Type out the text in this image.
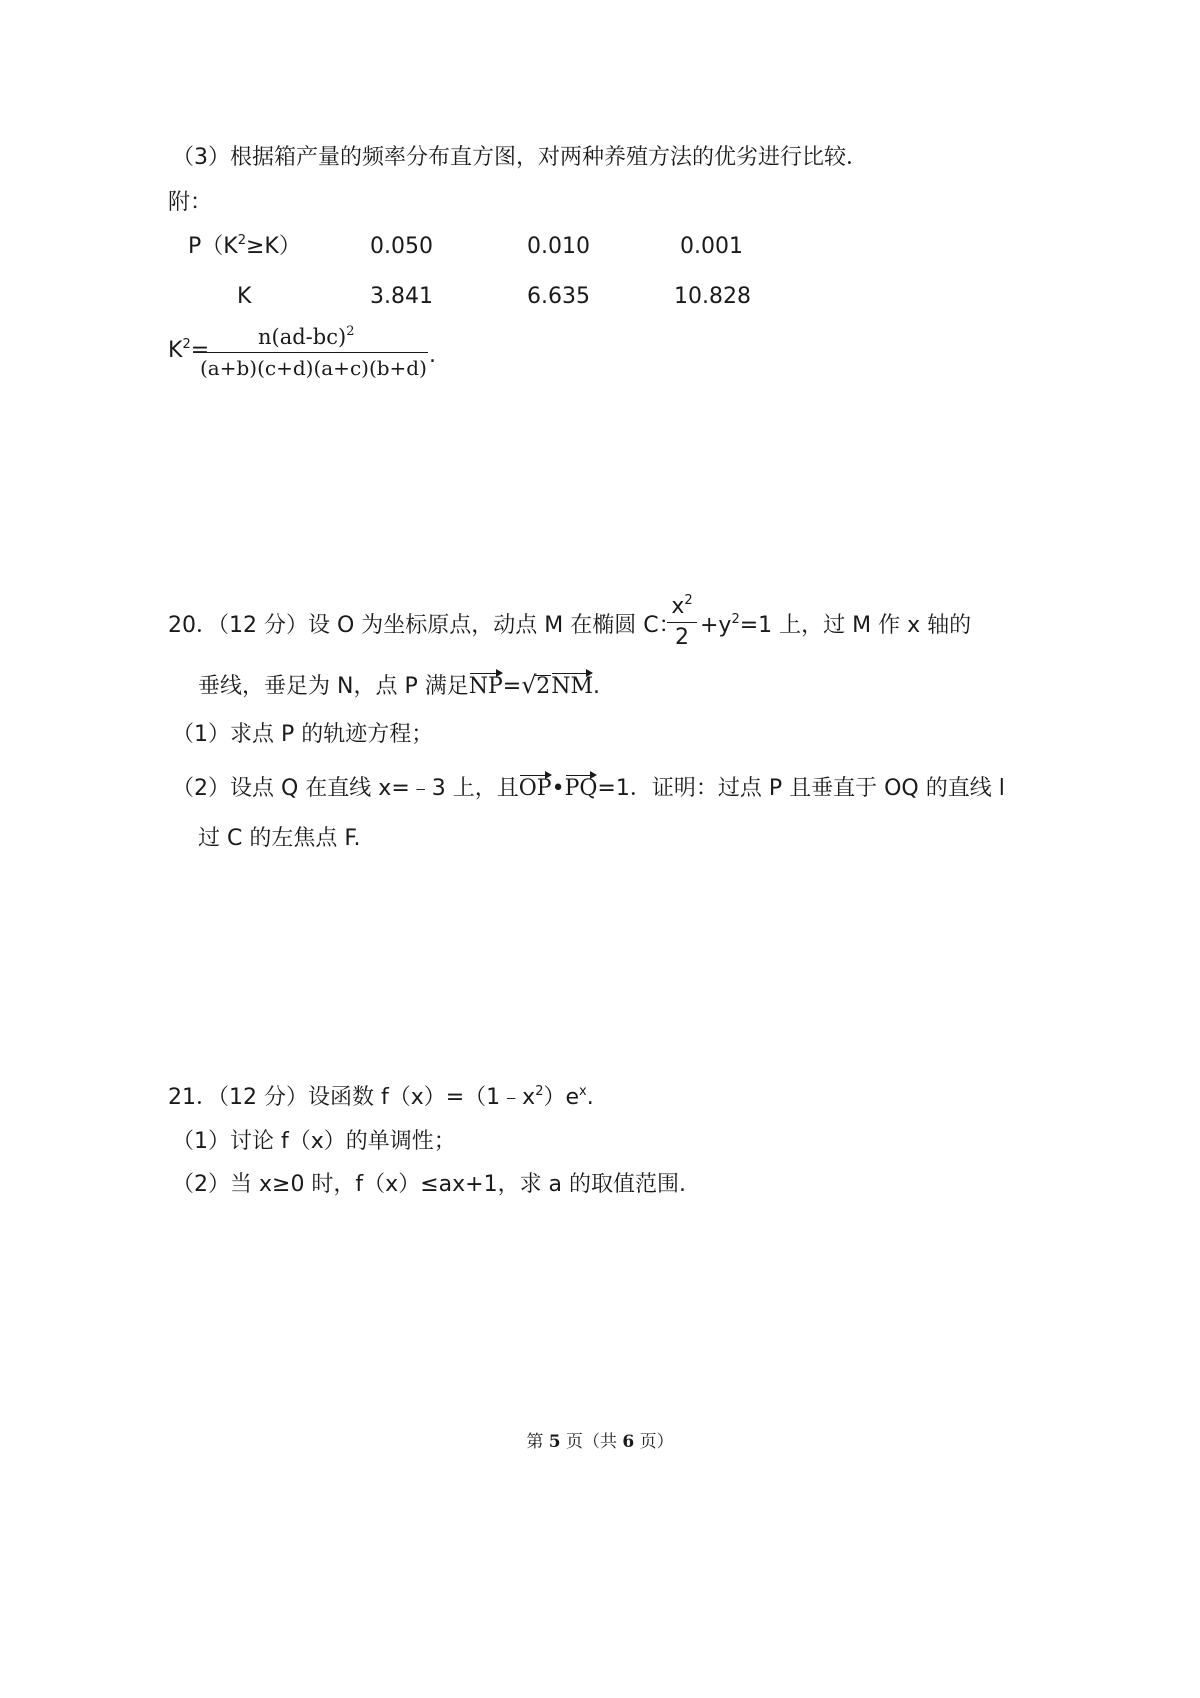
（3）根据箱产量的频率分布直方图，对两种养殖方法的优劣进行比较．
附：
$P(K^2\ge K)$	0.050	0.010	0.001
K	3.841	6.635	10.828
$K^2=$
$n(ad-bc)^2$
(a+b)(c+d)(a+c)(b+d) .
20．（12 分）设 O 为坐标原点，动点 M 在椭圆 C：
$x^2$
$2 +y^2=1$ 上，过 M 作 x 轴的
垂线，垂足为 N，点 P 满足NP=√ 2NM.
（1）求点 P 的轨迹方程；
（2）设点 Q 在直线 x=﹣3 上，且OP•PQ=1．证明：过点 P 且垂直于 OQ 的直线 l
过 C 的左焦点 F.
21．（12 分）设函数 $f(x)=(1﹣x^2)e^x$.
（1）讨论 f（x）的单调性；
（2）当 x≥0 时，f（x）≤ax+1，求 a 的取值范围.
第 5 页（共 6 页）
